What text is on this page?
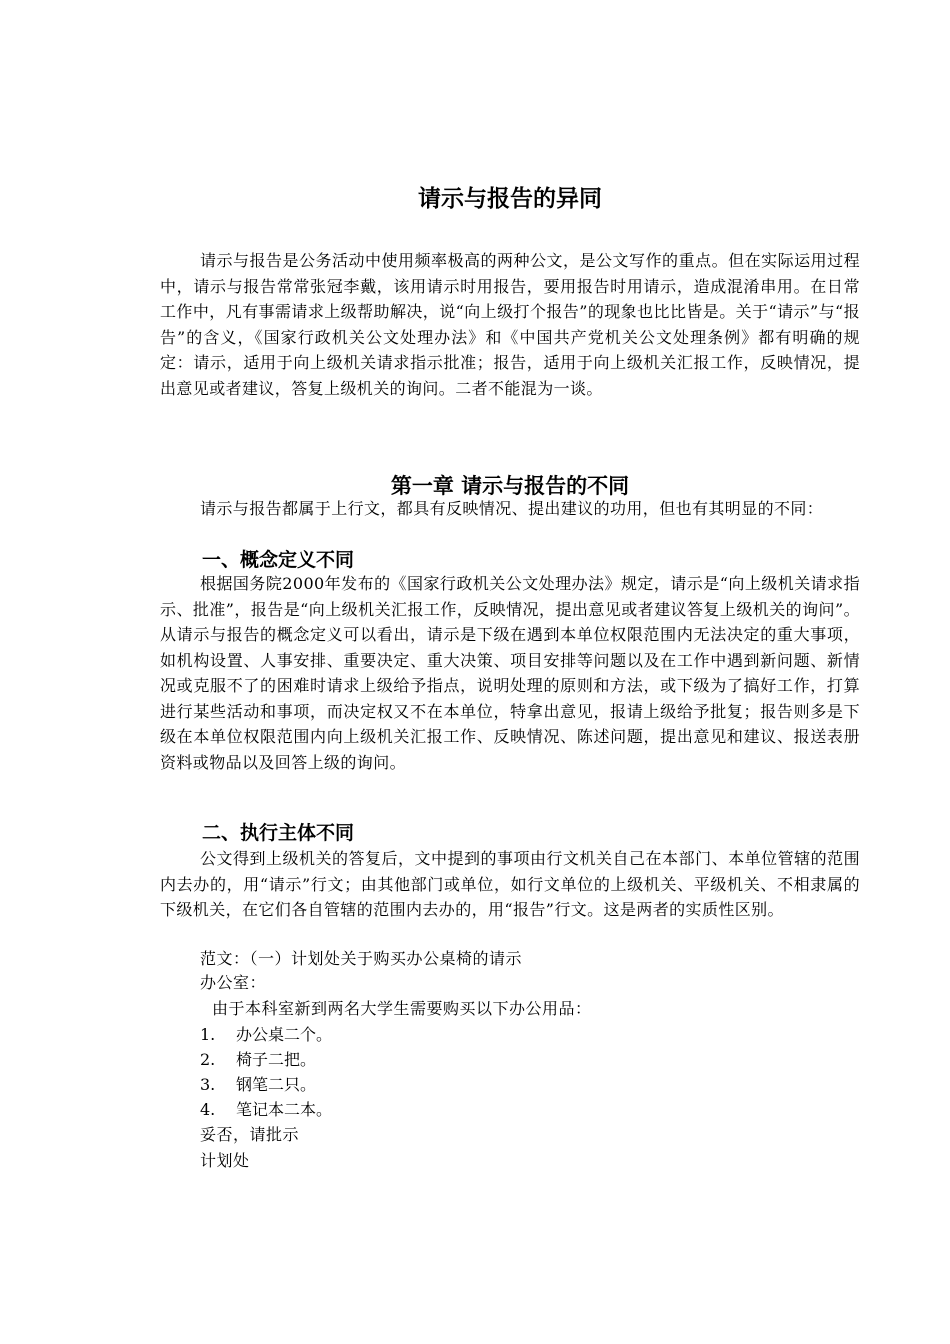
请示与报告的异同

请示与报告是公务活动中使用频率极高的两种公文，是公文写作的重点。但在实际运用过程中，请示与报告常常张冠李戴，该用请示时用报告，要用报告时用请示，造成混淆串用。在日常工作中，凡有事需请求上级帮助解决，说“向上级打个报告”的现象也比比皆是。关于“请示”与“报告”的含义，《国家行政机关公文处理办法》和《中国共产党机关公文处理条例》都有明确的规定：请示，适用于向上级机关请求指示批准；报告，适用于向上级机关汇报工作，反映情况，提出意见或者建议，答复上级机关的询问。二者不能混为一谈。

第一章 请示与报告的不同

请示与报告都属于上行文，都具有反映情况、提出建议的功用，但也有其明显的不同：

一、概念定义不同

根据国务院2000年发布的《国家行政机关公文处理办法》规定，请示是“向上级机关请求指示、批准”，报告是“向上级机关汇报工作，反映情况，提出意见或者建议答复上级机关的询问”。从请示与报告的概念定义可以看出，请示是下级在遇到本单位权限范围内无法决定的重大事项，如机构设置、人事安排、重要决定、重大决策、项目安排等问题以及在工作中遇到新问题、新情况或克服不了的困难时请求上级给予指点，说明处理的原则和方法，或下级为了搞好工作，打算进行某些活动和事项，而决定权又不在本单位，特拿出意见，报请上级给予批复；报告则多是下级在本单位权限范围内向上级机关汇报工作、反映情况、陈述问题，提出意见和建议、报送表册资料或物品以及回答上级的询问。

二、执行主体不同

公文得到上级机关的答复后，文中提到的事项由行文机关自己在本部门、本单位管辖的范围内去办的，用“请示”行文；由其他部门或单位，如行文单位的上级机关、平级机关、不相隶属的下级机关，在它们各自管辖的范围内去办的，用“报告”行文。这是两者的实质性区别。

范文：（一）计划处关于购买办公桌椅的请示

办公室：

由于本科室新到两名大学生需要购买以下办公用品：

1. 办公桌二个。
2. 椅子二把。
3. 钢笔二只。
4. 笔记本二本。

妥否，请批示

计划处
